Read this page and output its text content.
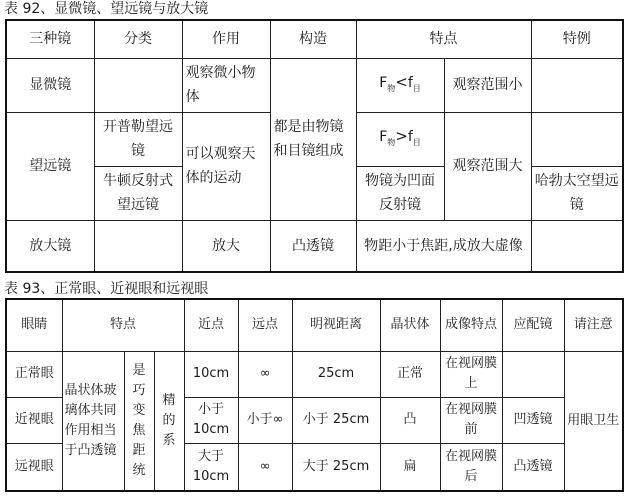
表 92、显微镜、望远镜与放大镜
三种镜	分类	作用	构造	特点		特例
显微镜		观察微小物体	都是由物镜和目镜组成	$F_物<f_目$	观察范围小	
望远镜	开普勒望远镜	可以观察天体的运动		$F_物>f_目$	观察范围大	
	牛顿反射式望远镜			物镜为凹面反射镜		哈勃太空望远镜
放大镜		放大	凸透镜	物距小于焦距,成放大虚像		
表 93、正常眼、近视眼和远视眼
眼睛	特点			近点	远点	明视距离	晶状体	成像特点	应配镜	请注意
正常眼	晶状体玻璃体共同作用相当于凸透镜	是巧变焦距统	精的系	10cm	∞	25cm	正常	在视网膜上		用眼卫生
近视眼				小于10cm	小于∞	小于 25cm	凸	在视网膜前	凹透镜	
远视眼				大于10cm	∞	大于 25cm	扁	在视网膜后	凸透镜	
